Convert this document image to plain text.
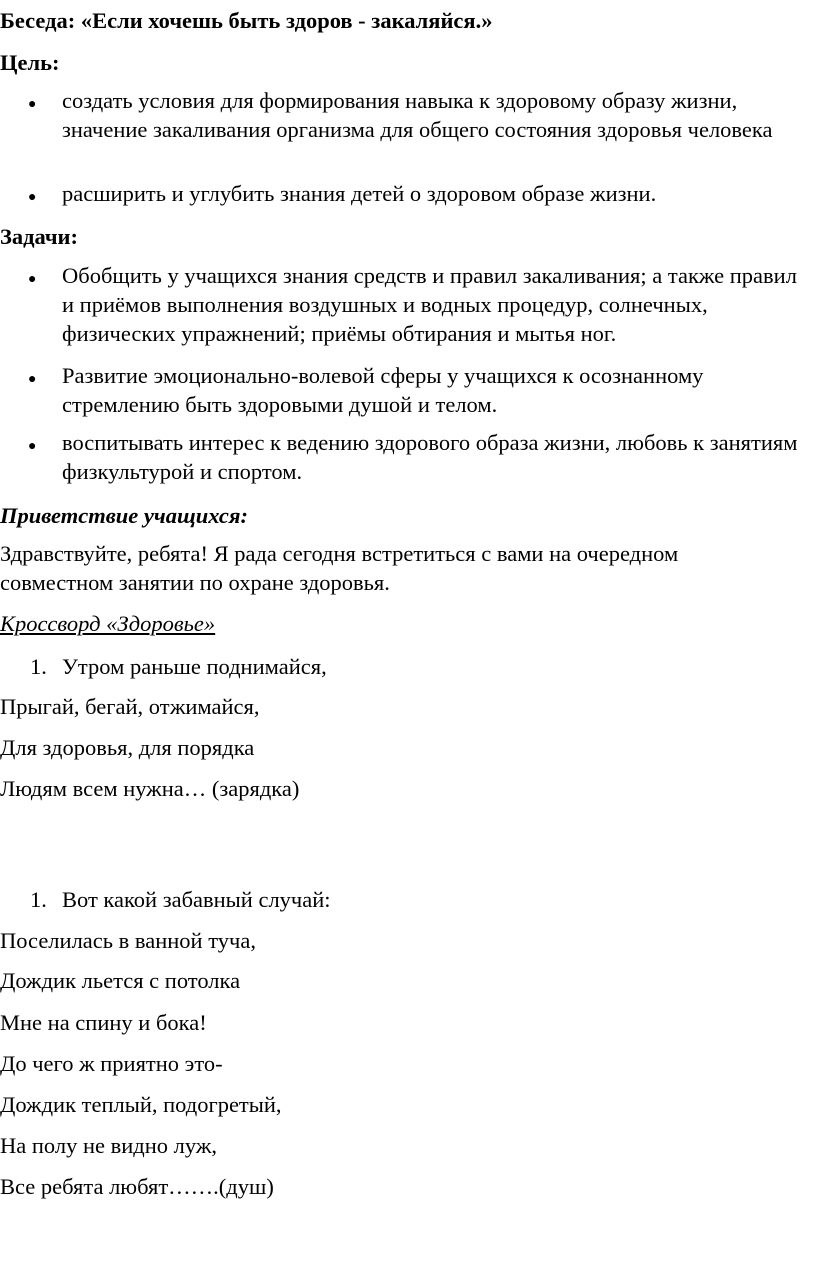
Беседа: «Если хочешь быть здоров - закаляйся.»
Цель:
● создать условия для формирования навыка к здоровому образу жизни, значение закаливания организма для общего состояния здоровья человека
● расширить и углубить знания детей о здоровом образе жизни.
Задачи:
● Обобщить у учащихся знания средств и правил закаливания; а также правил и приёмов выполнения воздушных и водных процедур, солнечных, физических упражнений; приёмы обтирания и мытья ног.
● Развитие эмоционально-волевой сферы у учащихся к осознанному стремлению быть здоровыми душой и телом.
● воспитывать интерес к ведению здорового образа жизни, любовь к занятиям физкультурой и спортом.
Приветствие учащихся:
Здравствуйте, ребята! Я рада сегодня встретиться с вами на очередном совместном занятии по охране здоровья.
Кроссворд «Здоровье»
1. Утром раньше поднимайся,
Прыгай, бегай, отжимайся,
Для здоровья, для порядка
Людям всем нужна… (зарядка)
1. Вот какой забавный случай:
Поселилась в ванной туча,
Дождик льется с потолка
Мне на спину и бока!
До чего ж приятно это-
Дождик теплый, подогретый,
На полу не видно луж,
Все ребята любят…….(душ)
